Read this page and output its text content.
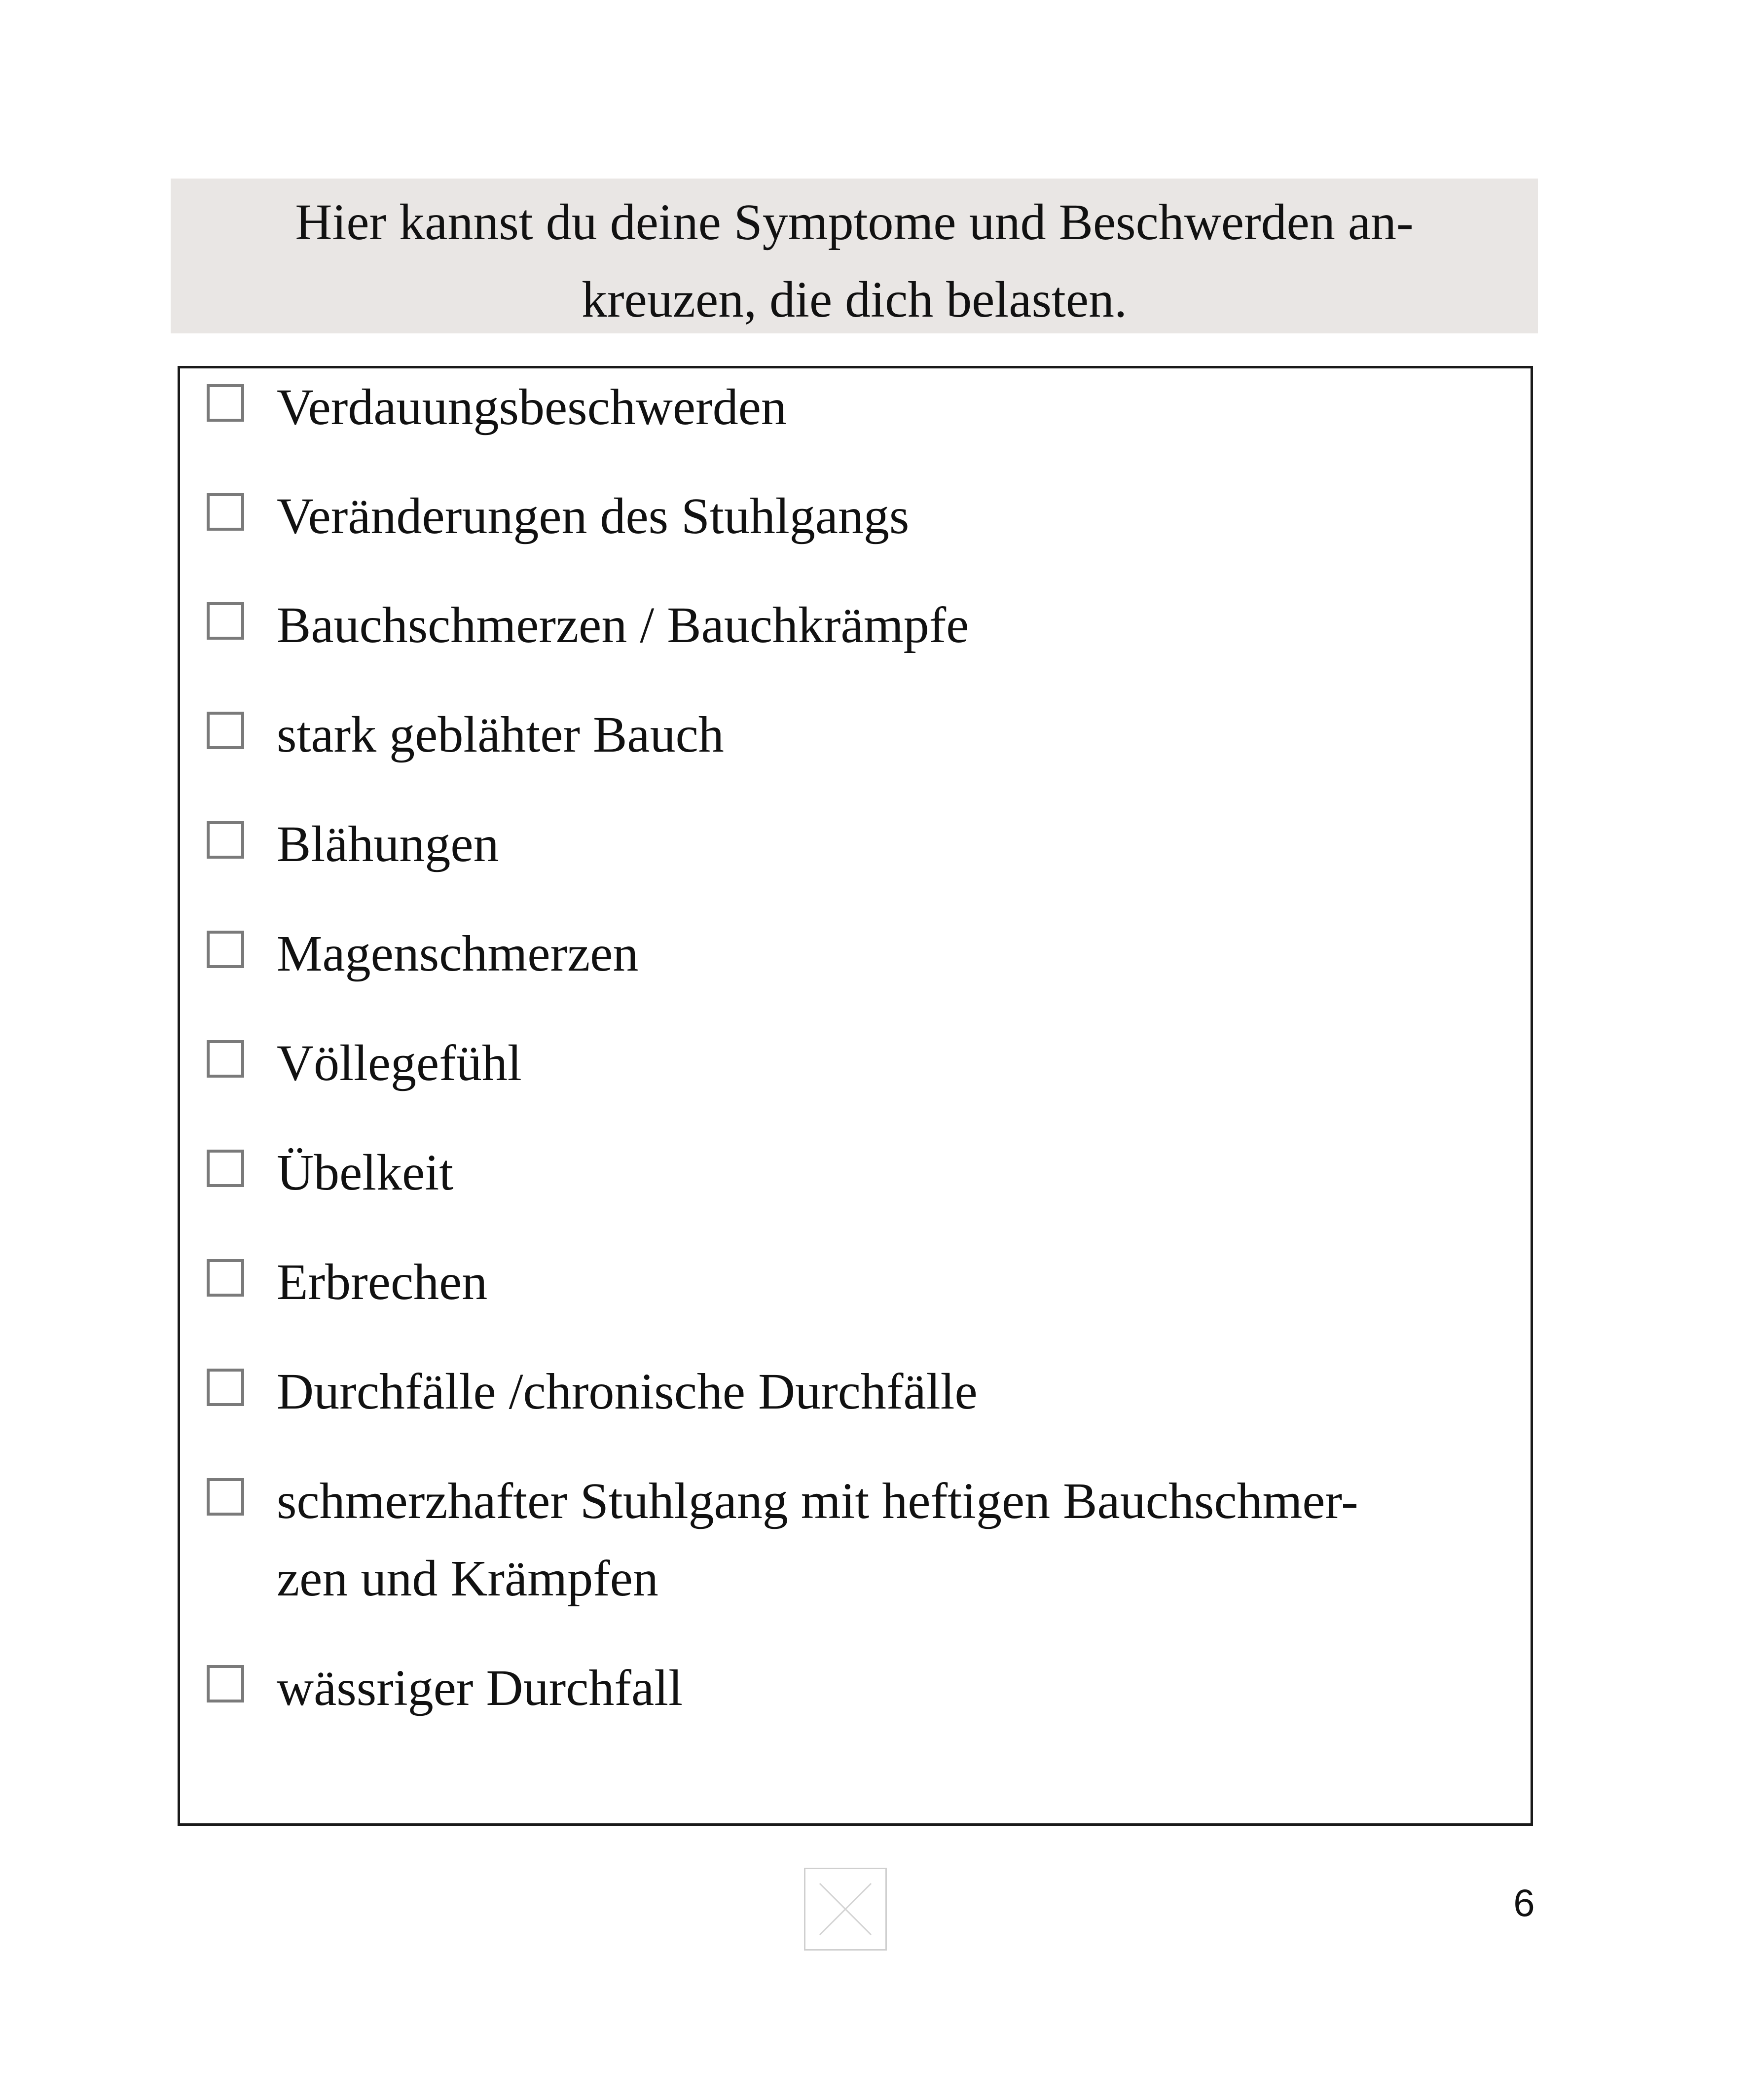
Hier kannst du deine Symptome und Beschwerden an-
kreuzen, die dich belasten.

Verdauungsbeschwerden
Veränderungen des Stuhlgangs
Bauchschmerzen / Bauchkrämpfe
stark geblähter Bauch
Blähungen
Magenschmerzen
Völlegefühl
Übelkeit
Erbrechen
Durchfälle /chronische Durchfälle
schmerzhafter Stuhlgang mit heftigen Bauchschmer-
zen und Krämpfen
wässriger Durchfall
6
